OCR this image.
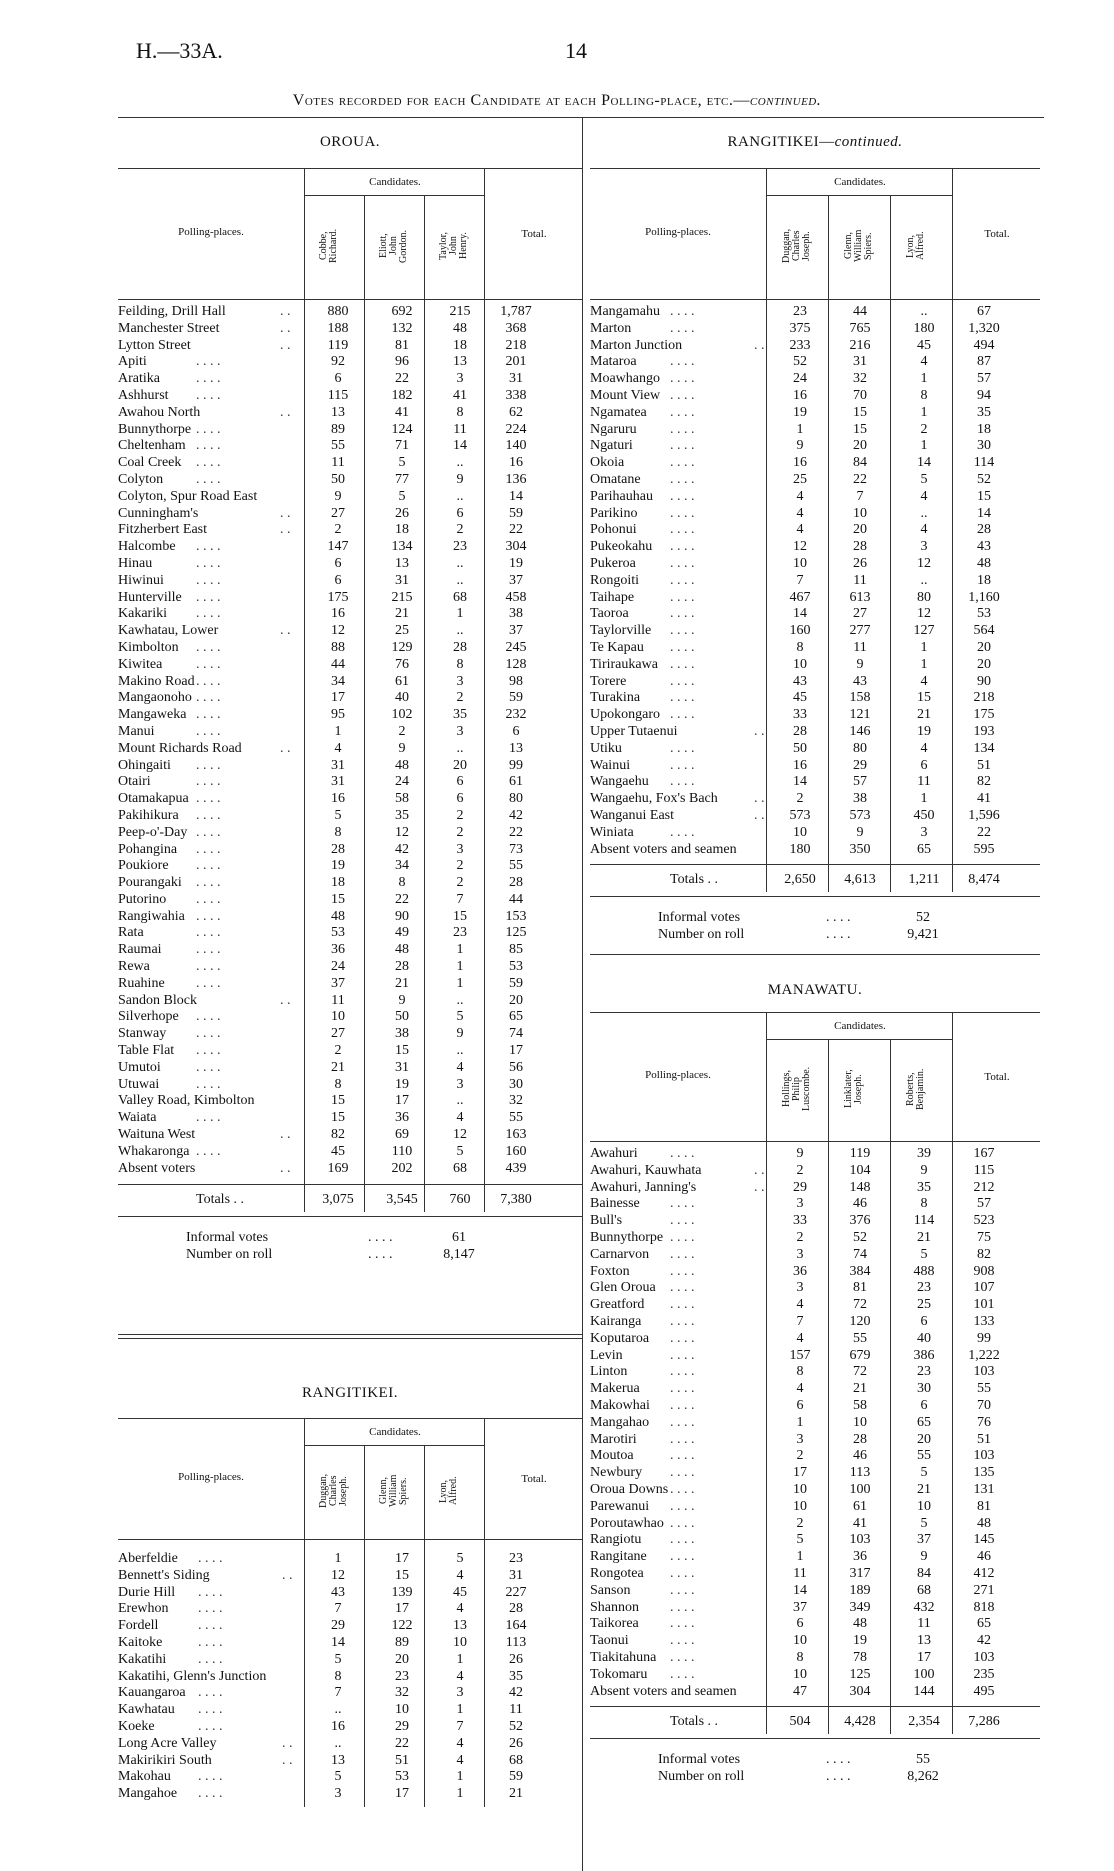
H.—33A.	14
Votes recorded for each Candidate at each Polling-place, etc.—continued.
OROUA.
Polling-places.
Candidates.
Cobbe,
Richard.	Eliott,
John
Gordon.	Taylor,
John
Henry.	Total.
Feilding, Drill Hall	. .	880	692	215	1,787
Manchester Street	. .	188	132	48	368
Lytton Street	. .	119	81	18	218
Apiti	. . . .	92	96	13	201
Aratika	. . . .	6	22	3	31
Ashhurst . . . .	115	182	41	338
Awahou North	. .	13	41	8	62
Bunnythorpe . . . .	89	124	11	224
Cheltenham . . . .	55	71	14	140
Coal Creek . . . .	11	5	..	16
Colyton . . . .	50	77	9	136
Colyton, Spur Road East	9	5	..	14
Cunningham's	. .	27	26	6	59
Fitzherbert East	. .	2	18	2	22
Halcombe . . . .	147	134	23	304
Hinau	. . . .	6	13	..	19
Hiwinui . . . .	6	31	..	37
Hunterville . . . .	175	215	68	458
Kakariki . . . .	16	21	1	38
Kawhatau, Lower	. .	12	25	..	37
Kimbolton . . . .	88	129	28	245
Kiwitea . . . .	44	76	8	128
Makino Road . . . .	34	61	3	98
Mangaonoho . . . .	17	40	2	59
Mangaweka . . . .	95	102	35	232
Manui	. . . .	1	2	3	6
Mount Richards Road	. .	4	9	..	13
Ohingaiti . . . .	31	48	20	99
Otairi	. . . .	31	24	6	61
Otamakapua . . . .	16	58	6	80
Pakihikura . . . .	5	35	2	42
Peep-o'-Day . . . .	8	12	2	22
Pohangina . . . .	28	42	3	73
Poukiore . . . .	19	34	2	55
Pourangaki . . . .	18	8	2	28
Putorino . . . .	15	22	7	44
Rangiwahia . . . .	48	90	15	153
Rata	. . . .	53	49	23	125
Raumai . . . .	36	48	1	85
Rewa	. . . .	24	28	1	53
Ruahine . . . .	37	21	1	59
Sandon Block	. .	11	9	..	20
Silverhope . . . .	10	50	5	65
Stanway . . . .	27	38	9	74
Table Flat . . . .	2	15	..	17
Umutoi	. . . .	21	31	4	56
Utuwai	. . . .	8	19	3	30
Valley Road, Kimbolton	15	17	..	32
Waiata	. . . .	15	36	4	55
Waituna West	. .	82	69	12	163
Whakaronga . . . .	45	110	5	160
Absent voters	. .	169	202	68	439
Totals . .	3,075	3,545	760	7,380
Informal votes	. . . .	61
Number on roll	. . . .	8,147
RANGITIKEI—continued.
Polling-places.
Candidates.
Duggan,
Charles
Joseph.	Glenn,
William
Spiers.	Lyon,
Alfred.	Total.
Mangamahu . . . .	23	44	..	67
Marton	. . . .	375	765	180	1,320
Marton Junction	. .	233	216	45	494
Mataroa . . . .	52	31	4	87
Moawhango . . . .	24	32	1	57
Mount View . . . .	16	70	8	94
Ngamatea . . . .	19	15	1	35
Ngaruru . . . .	1	15	2	18
Ngaturi	. . . .	9	20	1	30
Okoia	. . . .	16	84	14	114
Omatane . . . .	25	22	5	52
Parihauhau . . . .	4	7	4	15
Parikino . . . .	4	10	..	14
Pohonui . . . .	4	20	4	28
Pukeokahu . . . .	12	28	3	43
Pukeroa . . . .	10	26	12	48
Rongoiti . . . .	7	11	..	18
Taihape	. . . .	467	613	80	1,160
Taoroa	. . . .	14	27	12	53
Taylorville . . . .	160	277	127	564
Te Kapau . . . .	8	11	1	20
Tiriraukawa . . . .	10	9	1	20
Torere	. . . .	43	43	4	90
Turakina . . . .	45	158	15	218
Upokongaro . . . .	33	121	21	175
Upper Tutaenui	. .	28	146	19	193
Utiku	. . . .	50	80	4	134
Wainui	. . . .	16	29	6	51
Wangaehu . . . .	14	57	11	82
Wangaehu, Fox's Bach	. .	2	38	1	41
Wanganui East	. .	573	573	450	1,596
Winiata	. . . .	10	9	3	22
Absent voters and seamen	180	350	65	595
Totals . .	2,650	4,613	1,211	8,474
Informal votes	. . . .	52
Number on roll	. . . .	9,421
RANGITIKEI.
Polling-places.
Candidates.
Duggan,
Charles
Joseph.	Glenn,
William
Spiers.	Lyon,
Alfred.	Total.
Aberfeldie . . . .	1	17	5	23
Bennett's Siding	. .	12	15	4	31
Durie Hill . . . .	43	139	45	227
Erewhon . . . .	7	17	4	28
Fordell	. . . .	29	122	13	164
Kaitoke	. . . .	14	89	10	113
Kakatihi . . . .	5	20	1	26
Kakatihi, Glenn's Junction	8	23	4	35
Kauangaroa . . . .	7	32	3	42
Kawhatau . . . .	..	10	1	11
Koeke	. . . .	16	29	7	52
Long Acre Valley	. .	..	22	4	26
Makirikiri South	. .	13	51	4	68
Makohau . . . .	5	53	1	59
Mangahoe . . . .	3	17	1	21
MANAWATU.
Polling-places.
Candidates.
Hollings,
Philip
Luscombe.	Linklater,
Joseph.	Roberts,
Benjamin.	Total.
Awahuri . . . .	9	119	39	167
Awahuri, Kauwhata	. .	2	104	9	115
Awahuri, Janning's	. .	29	148	35	212
Bainesse . . . .	3	46	8	57
Bull's	. . . .	33	376	114	523
Bunnythorpe . . . .	2	52	21	75
Carnarvon . . . .	3	74	5	82
Foxton	. . . .	36	384	488	908
Glen Oroua . . . .	3	81	23	107
Greatford . . . .	4	72	25	101
Kairanga . . . .	7	120	6	133
Koputaroa . . . .	4	55	40	99
Levin	. . . .	157	679	386	1,222
Linton	. . . .	8	72	23	103
Makerua . . . .	4	21	30	55
Makowhai . . . .	6	58	6	70
Mangahao . . . .	1	10	65	76
Marotiri . . . .	3	28	20	51
Moutoa	. . . .	2	46	55	103
Newbury . . . .	17	113	5	135
Oroua Downs . . . .	10	100	21	131
Parewanui . . . .	10	61	10	81
Poroutawhao . . . .	2	41	5	48
Rangiotu . . . .	5	103	37	145
Rangitane . . . .	1	36	9	46
Rongotea . . . .	11	317	84	412
Sanson	. . . .	14	189	68	271
Shannon . . . .	37	349	432	818
Taikorea . . . .	6	48	11	65
Taonui	. . . .	10	19	13	42
Tiakitahuna . . . .	8	78	17	103
Tokomaru . . . .	10	125	100	235
Absent voters and seamen	47	304	144	495
Totals . .	504	4,428	2,354	7,286
Informal votes	. . . .	55
Number on roll	. . . .	8,262
